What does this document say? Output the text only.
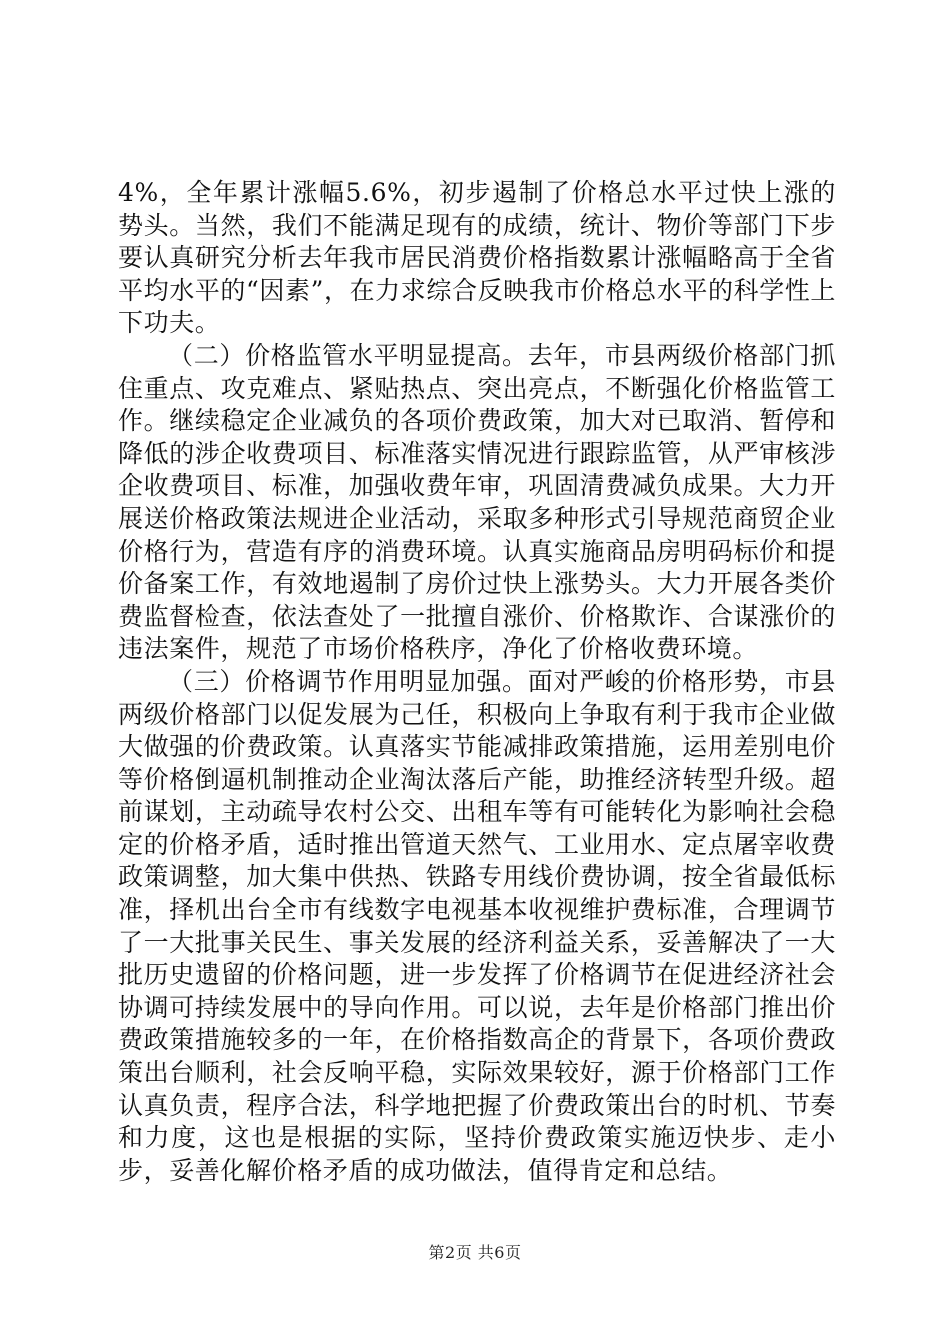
4%，全年累计涨幅5.6%，初步遏制了价格总水平过快上涨的势头。当然，我们不能满足现有的成绩，统计、物价等部门下步要认真研究分析去年我市居民消费价格指数累计涨幅略高于全省平均水平的“因素”，在力求综合反映我市价格总水平的科学性上下功夫。

（二）价格监管水平明显提高。去年，市县两级价格部门抓住重点、攻克难点、紧贴热点、突出亮点，不断强化价格监管工作。继续稳定企业减负的各项价费政策，加大对已取消、暂停和降低的涉企收费项目、标准落实情况进行跟踪监管，从严审核涉企收费项目、标准，加强收费年审，巩固清费减负成果。大力开展送价格政策法规进企业活动，采取多种形式引导规范商贸企业价格行为，营造有序的消费环境。认真实施商品房明码标价和提价备案工作，有效地遏制了房价过快上涨势头。大力开展各类价费监督检查，依法查处了一批擅自涨价、价格欺诈、合谋涨价的违法案件，规范了市场价格秩序，净化了价格收费环境。

（三）价格调节作用明显加强。面对严峻的价格形势，市县两级价格部门以促发展为己任，积极向上争取有利于我市企业做大做强的价费政策。认真落实节能减排政策措施，运用差别电价等价格倒逼机制推动企业淘汰落后产能，助推经济转型升级。超前谋划，主动疏导农村公交、出租车等有可能转化为影响社会稳定的价格矛盾，适时推出管道天然气、工业用水、定点屠宰收费政策调整，加大集中供热、铁路专用线价费协调，按全省最低标准，择机出台全市有线数字电视基本收视维护费标准，合理调节了一大批事关民生、事关发展的经济利益关系，妥善解决了一大批历史遗留的价格问题，进一步发挥了价格调节在促进经济社会协调可持续发展中的导向作用。可以说，去年是价格部门推出价费政策措施较多的一年，在价格指数高企的背景下，各项价费政策出台顺利，社会反响平稳，实际效果较好，源于价格部门工作认真负责，程序合法，科学地把握了价费政策出台的时机、节奏和力度，这也是根据的实际，坚持价费政策实施迈快步、走小步，妥善化解价格矛盾的成功做法，值得肯定和总结。

第2页 共6页
